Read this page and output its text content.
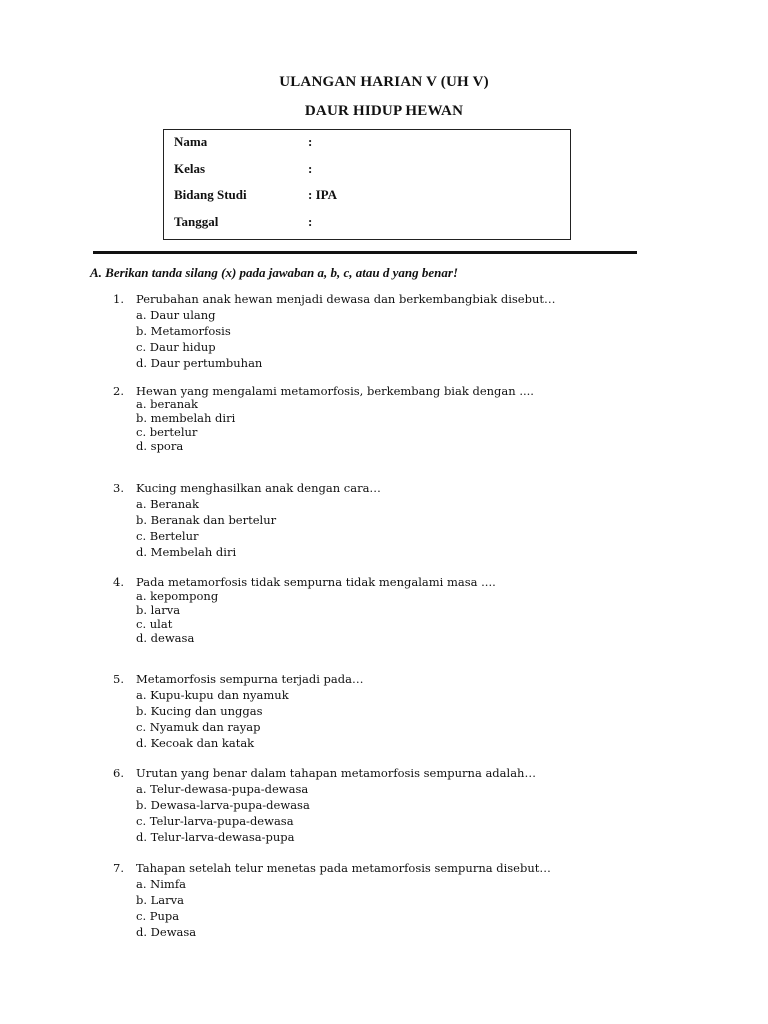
ULANGAN HARIAN V (UH V)
DAUR HIDUP HEWAN
Nama	:
Kelas	:
Bidang Studi	: IPA
Tanggal	:
A. Berikan tanda silang (x) pada jawaban a, b, c, atau d yang benar!
1.	Perubahan anak hewan menjadi dewasa dan berkembangbiak disebut…
a. Daur ulang
b. Metamorfosis
c. Daur hidup
d. Daur pertumbuhan
2.	Hewan yang mengalami metamorfosis, berkembang biak dengan ....
a. beranak
b. membelah diri
c. bertelur
d. spora
3.	Kucing menghasilkan anak dengan cara…
a. Beranak
b. Beranak dan bertelur
c. Bertelur
d. Membelah diri
4.	Pada metamorfosis tidak sempurna tidak mengalami masa ....
a. kepompong
b. larva
c. ulat
d. dewasa
5.	Metamorfosis sempurna terjadi pada…
a. Kupu-kupu dan nyamuk
b. Kucing dan unggas
c. Nyamuk dan rayap
d. Kecoak dan katak
6.	Urutan yang benar dalam tahapan metamorfosis sempurna adalah…
a. Telur-dewasa-pupa-dewasa
b. Dewasa-larva-pupa-dewasa
c. Telur-larva-pupa-dewasa
d. Telur-larva-dewasa-pupa
7.	Tahapan setelah telur menetas pada metamorfosis sempurna disebut…
a. Nimfa
b. Larva
c. Pupa
d. Dewasa
